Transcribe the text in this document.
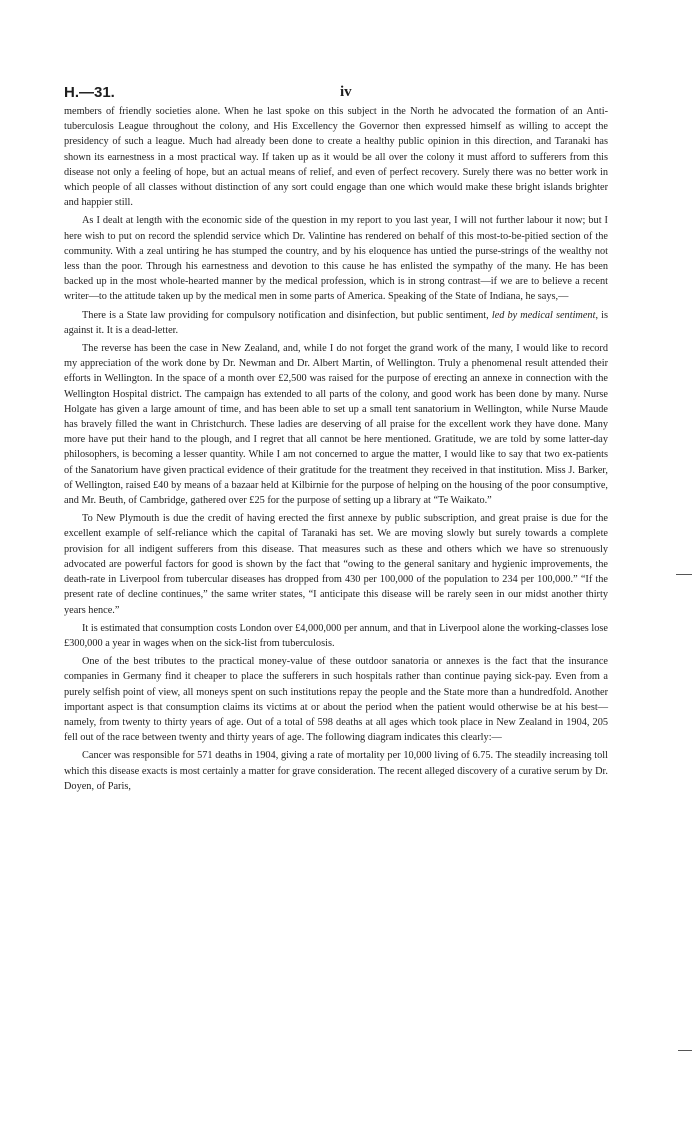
H.—31.	iv

members of friendly societies alone. When he last spoke on this subject in the North he advocated the formation of an Anti-tuberculosis League throughout the colony, and His Excellency the Governor then expressed himself as willing to accept the presidency of such a league. Much had already been done to create a healthy public opinion in this direction, and Taranaki has shown its earnestness in a most practical way. If taken up as it would be all over the colony it must afford to sufferers from this disease not only a feeling of hope, but an actual means of relief, and even of perfect recovery. Surely there was no better work in which people of all classes without distinction of any sort could engage than one which would make these bright islands brighter and happier still.

As I dealt at length with the economic side of the question in my report to you last year, I will not further labour it now; but I here wish to put on record the splendid service which Dr. Valintine has rendered on behalf of this most-to-be-pitied section of the community. With a zeal untiring he has stumped the country, and by his eloquence has untied the purse-strings of the wealthy not less than the poor. Through his earnestness and devotion to this cause he has enlisted the sympathy of the many. He has been backed up in the most whole-hearted manner by the medical profession, which is in strong contrast—if we are to believe a recent writer—to the attitude taken up by the medical men in some parts of America. Speaking of the State of Indiana, he says,—

There is a State law providing for compulsory notification and disinfection, but public sentiment, led by medical sentiment, is against it. It is a dead-letter.

The reverse has been the case in New Zealand, and, while I do not forget the grand work of the many, I would like to record my appreciation of the work done by Dr. Newman and Dr. Albert Martin, of Wellington. Truly a phenomenal result attended their efforts in Wellington. In the space of a month over £2,500 was raised for the purpose of erecting an annexe in connection with the Wellington Hospital district. The campaign has extended to all parts of the colony, and good work has been done by many. Nurse Holgate has given a large amount of time, and has been able to set up a small tent sanatorium in Wellington, while Nurse Maude has bravely filled the want in Christchurch. These ladies are deserving of all praise for the excellent work they have done. Many more have put their hand to the plough, and I regret that all cannot be here mentioned. Gratitude, we are told by some latter-day philosophers, is becoming a lesser quantity. While I am not concerned to argue the matter, I would like to say that two ex-patients of the Sanatorium have given practical evidence of their gratitude for the treatment they received in that institution. Miss J. Barker, of Wellington, raised £40 by means of a bazaar held at Kilbirnie for the purpose of helping on the housing of the poor consumptive, and Mr. Beuth, of Cambridge, gathered over £25 for the purpose of setting up a library at “Te Waikato.”

To New Plymouth is due the credit of having erected the first annexe by public subscription, and great praise is due for the excellent example of self-reliance which the capital of Taranaki has set. We are moving slowly but surely towards a complete provision for all indigent sufferers from this disease. That measures such as these and others which we have so strenuously advocated are powerful factors for good is shown by the fact that “owing to the general sanitary and hygienic improvements, the death-rate in Liverpool from tubercular diseases has dropped from 430 per 100,000 of the population to 234 per 100,000.” “If the present rate of decline continues,” the same writer states, “I anticipate this disease will be rarely seen in our midst another thirty years hence.”

It is estimated that consumption costs London over £4,000,000 per annum, and that in Liverpool alone the working-classes lose £300,000 a year in wages when on the sick-list from tuberculosis.

One of the best tributes to the practical money-value of these outdoor sanatoria or annexes is the fact that the insurance companies in Germany find it cheaper to place the sufferers in such hospitals rather than continue paying sick-pay. Even from a purely selfish point of view, all moneys spent on such institutions repay the people and the State more than a hundredfold. Another important aspect is that consumption claims its victims at or about the period when the patient would otherwise be at his best—namely, from twenty to thirty years of age. Out of a total of 598 deaths at all ages which took place in New Zealand in 1904, 205 fell out of the race between twenty and thirty years of age. The following diagram indicates this clearly:—

Cancer was responsible for 571 deaths in 1904, giving a rate of mortality per 10,000 living of 6.75. The steadily increasing toll which this disease exacts is most certainly a matter for grave consideration. The recent alleged discovery of a curative serum by Dr. Doyen, of Paris,
